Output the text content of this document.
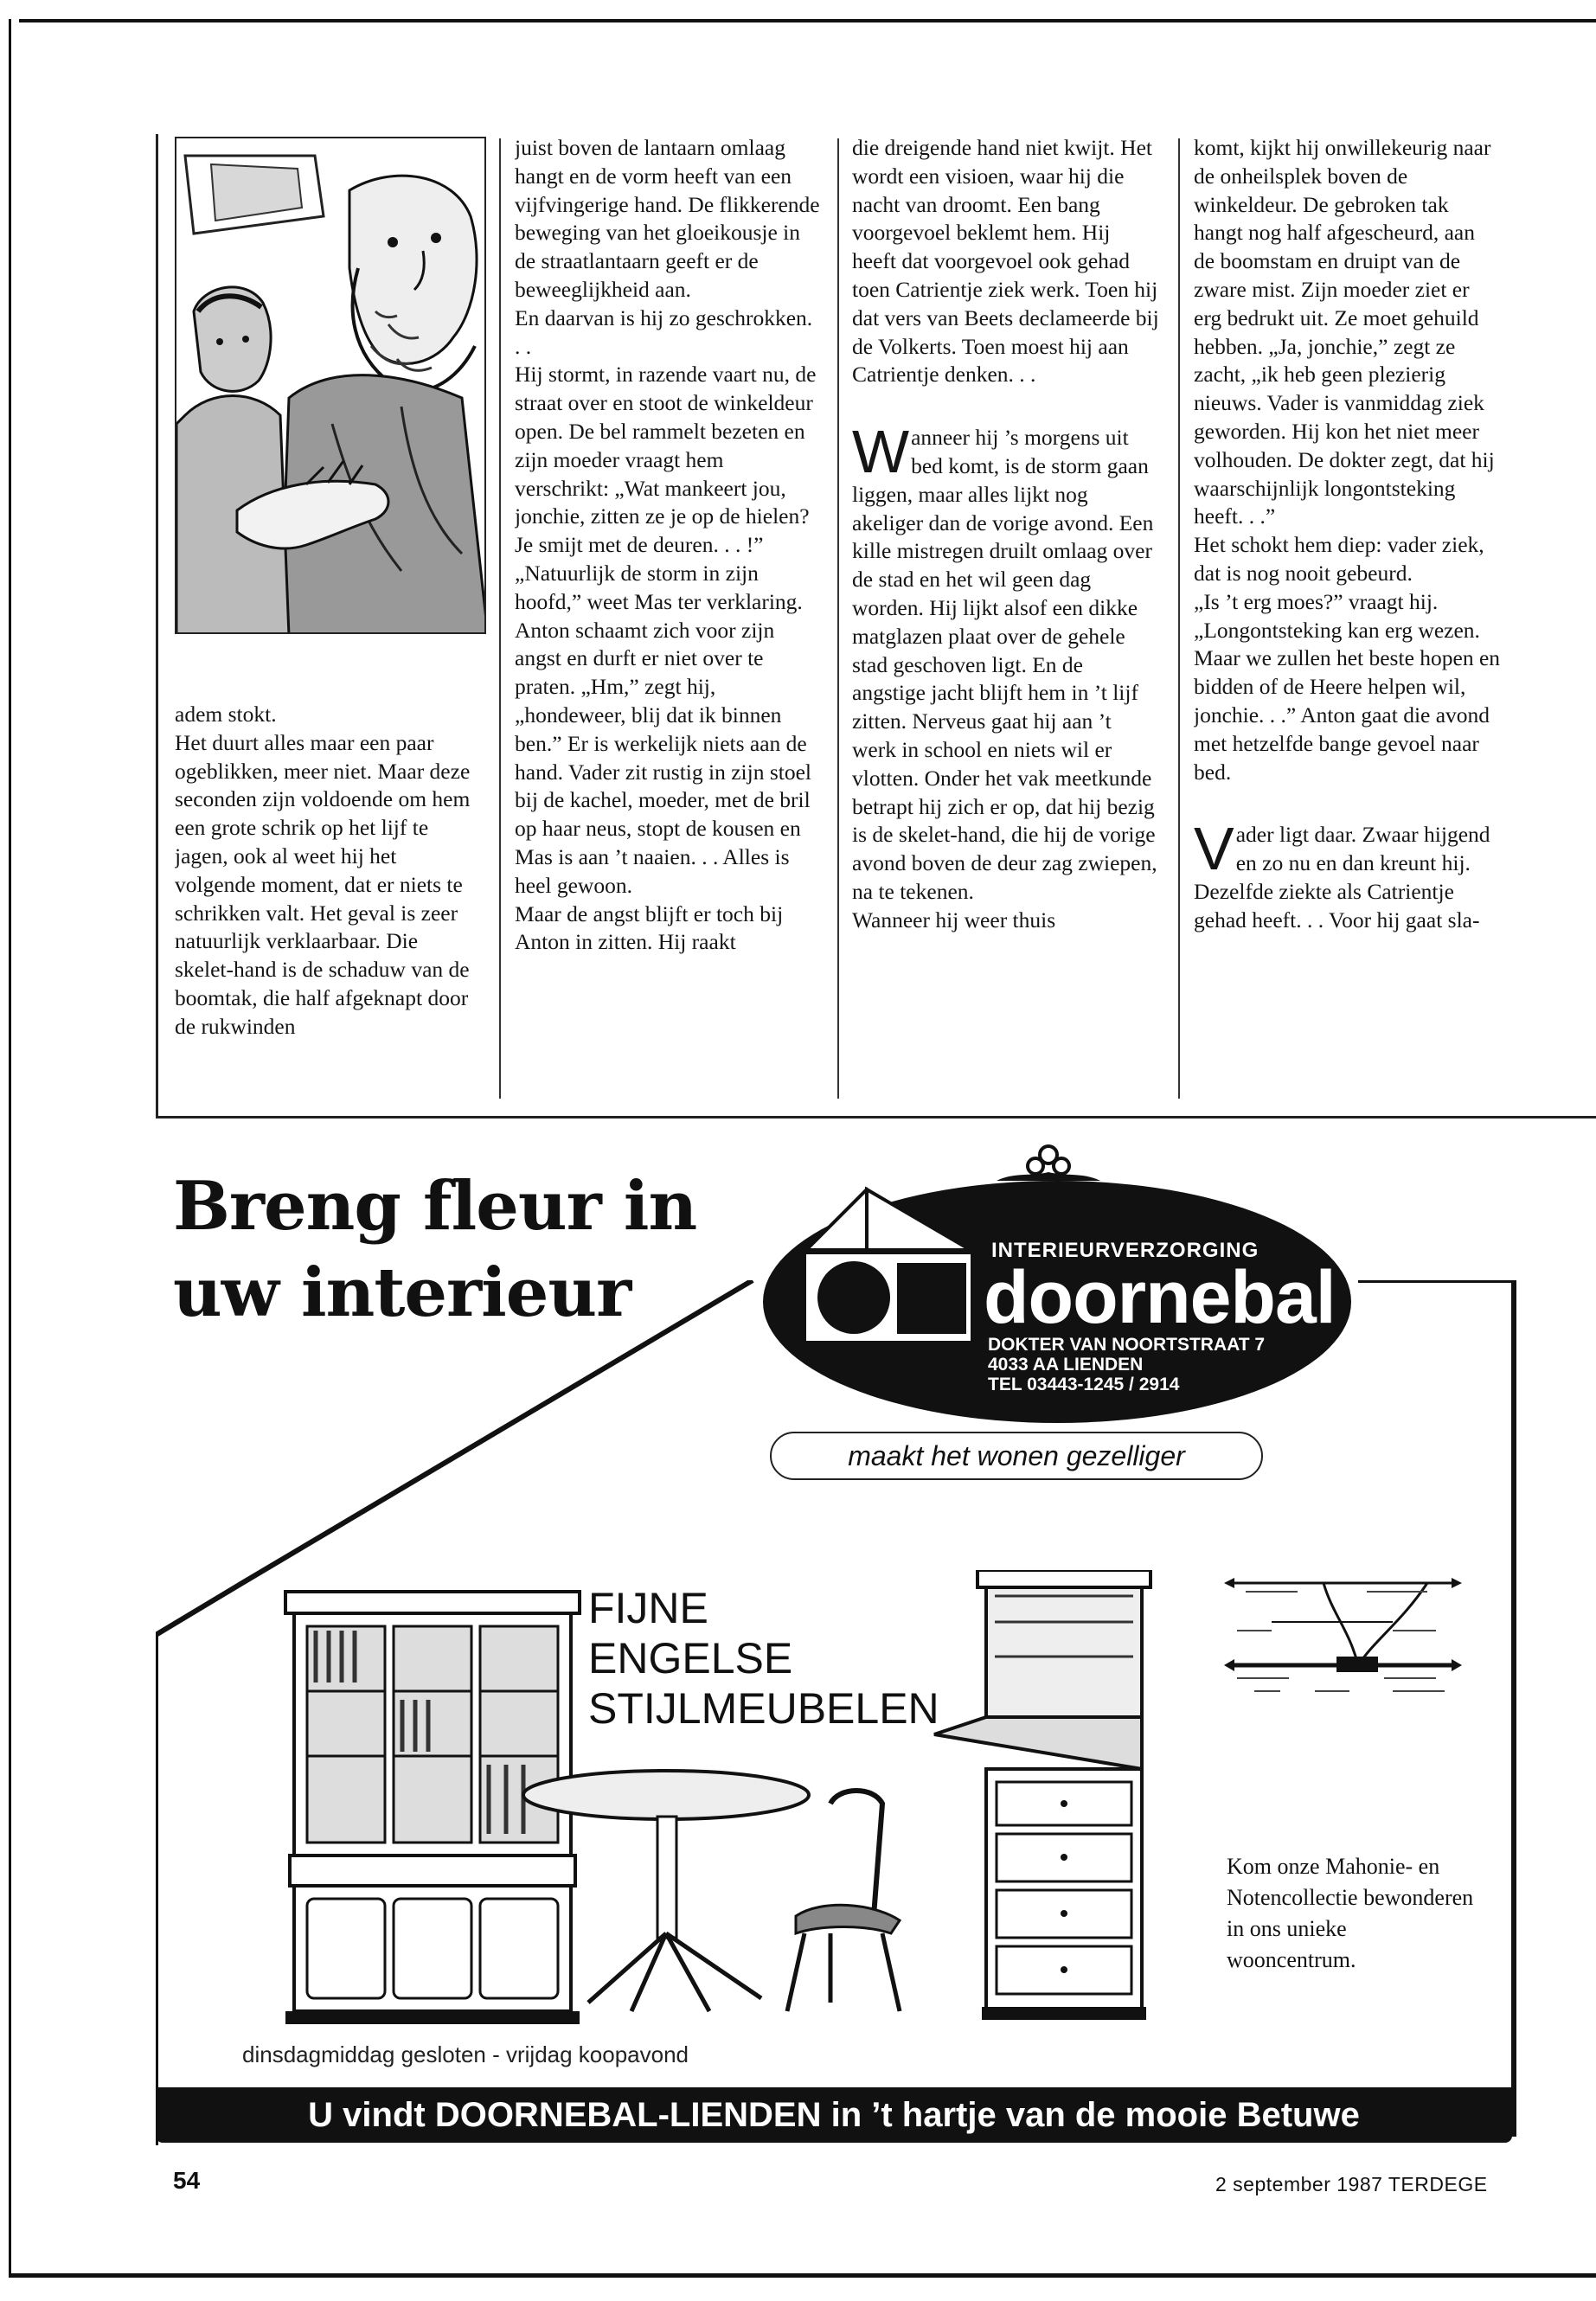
adem stokt.

Het duurt alles maar een paar ogeblikken, meer niet. Maar deze seconden zijn voldoende om hem een grote schrik op het lijf te jagen, ook al weet hij het volgende moment, dat er niets te schrikken valt. Het geval is zeer natuurlijk verklaarbaar. Die skelet-hand is de schaduw van de boomtak, die half afgeknapt door de rukwinden

juist boven de lantaarn omlaag hangt en de vorm heeft van een vijfvingerige hand. De flikkerende beweging van het gloeikousje in de straatlantaarn geeft er de beweeglijkheid aan.

En daarvan is hij zo geschrokken. . .

Hij stormt, in razende vaart nu, de straat over en stoot de winkeldeur open. De bel rammelt bezeten en zijn moeder vraagt hem verschrikt: „Wat mankeert jou, jonchie, zitten ze je op de hielen? Je smijt met de deuren. . . !” „Natuurlijk de storm in zijn hoofd,” weet Mas ter verklaring. Anton schaamt zich voor zijn angst en durft er niet over te praten. „Hm,” zegt hij, „hondeweer, blij dat ik binnen ben.” Er is werkelijk niets aan de hand. Vader zit rustig in zijn stoel bij de kachel, moeder, met de bril op haar neus, stopt de kousen en Mas is aan ’t naaien. . . Alles is heel gewoon.

Maar de angst blijft er toch bij Anton in zitten. Hij raakt

die dreigende hand niet kwijt. Het wordt een visioen, waar hij die nacht van droomt. Een bang voorgevoel beklemt hem. Hij heeft dat voorgevoel ook gehad toen Catrientje ziek werk. Toen hij dat vers van Beets declameerde bij de Volkerts. Toen moest hij aan Catrientje denken. . .

Wanneer hij ’s morgens uit bed komt, is de storm gaan liggen, maar alles lijkt nog akeliger dan de vorige avond. Een kille mistregen druilt omlaag over de stad en het wil geen dag worden. Hij lijkt alsof een dikke matglazen plaat over de gehele stad geschoven ligt. En de angstige jacht blijft hem in ’t lijf zitten. Nerveus gaat hij aan ’t werk in school en niets wil er vlotten. Onder het vak meetkunde betrapt hij zich er op, dat hij bezig is de skelet-hand, die hij de vorige avond boven de deur zag zwiepen, na te tekenen.

Wanneer hij weer thuis

komt, kijkt hij onwillekeurig naar de onheilsplek boven de winkeldeur. De gebroken tak hangt nog half afgescheurd, aan de boomstam en druipt van de zware mist. Zijn moeder ziet er erg bedrukt uit. Ze moet gehuild hebben. „Ja, jonchie,” zegt ze zacht, „ik heb geen plezierig nieuws. Vader is vanmiddag ziek geworden. Hij kon het niet meer volhouden. De dokter zegt, dat hij waarschijnlijk longontsteking heeft. . .”

Het schokt hem diep: vader ziek, dat is nog nooit gebeurd.

„Is ’t erg moes?” vraagt hij. „Longontsteking kan erg wezen. Maar we zullen het beste hopen en bidden of de Heere helpen wil, jonchie. . .” Anton gaat die avond met hetzelfde bange gevoel naar bed.

Vader ligt daar. Zwaar hijgend en zo nu en dan kreunt hij. Dezelfde ziekte als Catrientje gehad heeft. . . Voor hij gaat sla-

Breng fleur in
uw interieur
INTERIEURVERZORGING
doornebal
DOKTER VAN NOORTSTRAAT 7
4033 AA LIENDEN
TEL 03443-1245 / 2914
maakt het wonen gezelliger
FIJNE
ENGELSE
STIJLMEUBELEN
Kom onze Mahonie- en Notencollectie bewonderen in ons unieke wooncentrum.
dinsdagmiddag gesloten - vrijdag koopavond
U vindt DOORNEBAL-LIENDEN in ’t hartje van de mooie Betuwe
54	2 september 1987 TERDEGE
